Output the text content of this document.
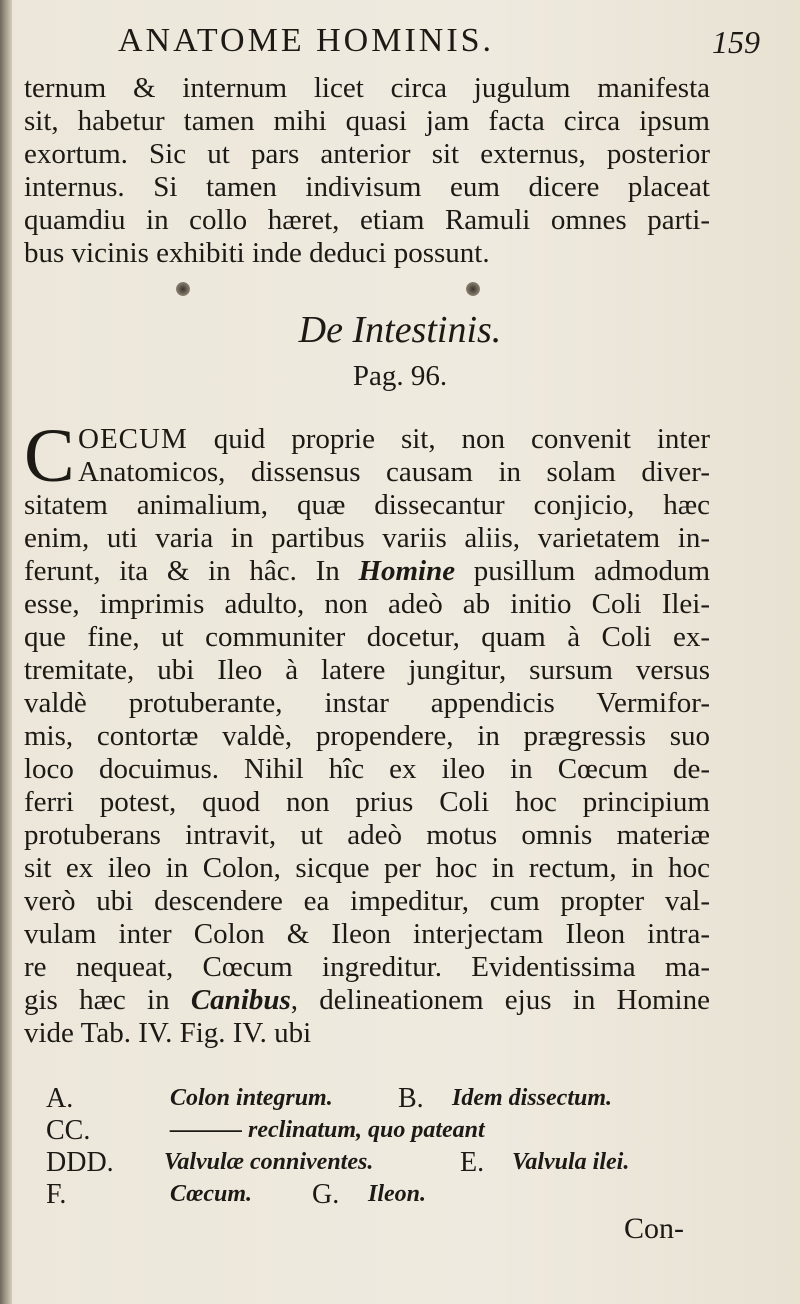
ANATOME HOMINIS.	159
ternum & internum licet circa jugulum manifesta
sit, habetur tamen mihi quasi jam facta circa ipsum
exortum. Sic ut pars anterior sit externus, posterior
internus. Si tamen indivisum eum dicere placeat
quamdiu in collo hæret, etiam Ramuli omnes parti-
bus vicinis exhibiti inde deduci possunt.
De Intestinis.
Pag. 96.
C OECUM quid proprie sit, non convenit inter
Anatomicos, dissensus causam in solam diver-
sitatem animalium, quæ dissecantur conjicio, hæc
enim, uti varia in partibus variis aliis, varietatem in-
ferunt, ita & in hâc. In Homine pusillum admodum
esse, imprimis adulto, non adeò ab initio Coli Ilei-
que fine, ut communiter docetur, quam à Coli ex-
tremitate, ubi Ileo à latere jungitur, sursum versus
valdè protuberante, instar appendicis Vermifor-
mis, contortæ valdè, propendere, in prægressis suo
loco docuimus. Nihil hîc ex ileo in Cœcum de-
ferri potest, quod non prius Coli hoc principium
protuberans intravit, ut adeò motus omnis materiæ
sit ex ileo in Colon, sicque per hoc in rectum, in hoc
verò ubi descendere ea impeditur, cum propter val-
vulam inter Colon & Ileon interjectam Ileon intra-
re nequeat, Cœcum ingreditur. Evidentissima ma-
gis hæc in Canibus, delineationem ejus in Homine
vide Tab. IV. Fig. IV. ubi
A.	Colon integrum. B. Idem dissectum.
CC.	——— reclinatum, quo pateant
DDD. Valvulæ conniventes.	E. Valvula ilei.
F.	Cœcum. G. Ileon.
Con-
